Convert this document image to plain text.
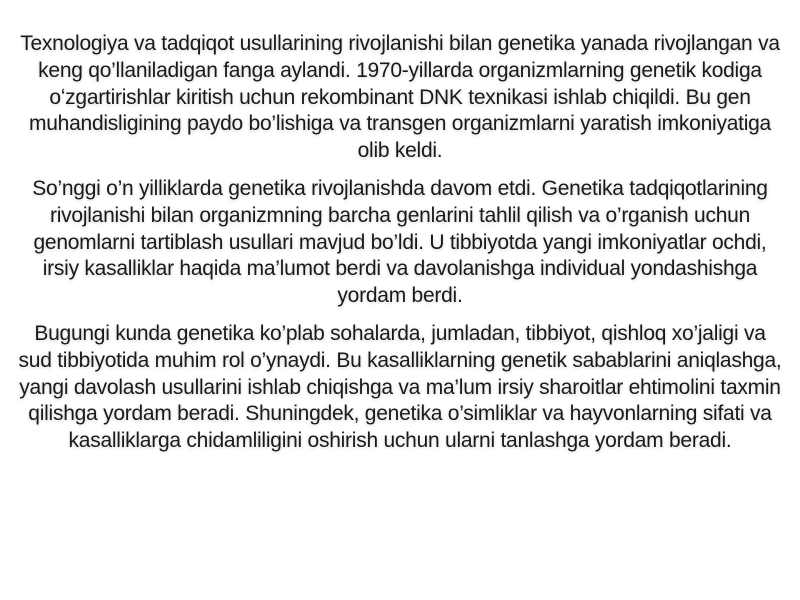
Texnologiya va tadqiqot usullarining rivojlanishi bilan genetika yanada rivojlangan va keng qo’llaniladigan fanga aylandi. 1970-yillarda organizmlarning genetik kodiga oʻzgartirishlar kiritish uchun rekombinant DNK texnikasi ishlab chiqildi. Bu gen muhandisligining paydo bo’lishiga va transgen organizmlarni yaratish imkoniyatiga olib keldi.

So’nggi o’n yilliklarda genetika rivojlanishda davom etdi. Genetika tadqiqotlarining rivojlanishi bilan organizmning barcha genlarini tahlil qilish va o’rganish uchun genomlarni tartiblash usullari mavjud bo’ldi. U tibbiyotda yangi imkoniyatlar ochdi, irsiy kasalliklar haqida ma’lumot berdi va davolanishga individual yondashishga yordam berdi.

Bugungi kunda genetika ko’plab sohalarda, jumladan, tibbiyot, qishloq xo’jaligi va sud tibbiyotida muhim rol o’ynaydi. Bu kasalliklarning genetik sabablarini aniqlashga, yangi davolash usullarini ishlab chiqishga va ma’lum irsiy sharoitlar ehtimolini taxmin qilishga yordam beradi. Shuningdek, genetika o’simliklar va hayvonlarning sifati va kasalliklarga chidamliligini oshirish uchun ularni tanlashga yordam beradi.
